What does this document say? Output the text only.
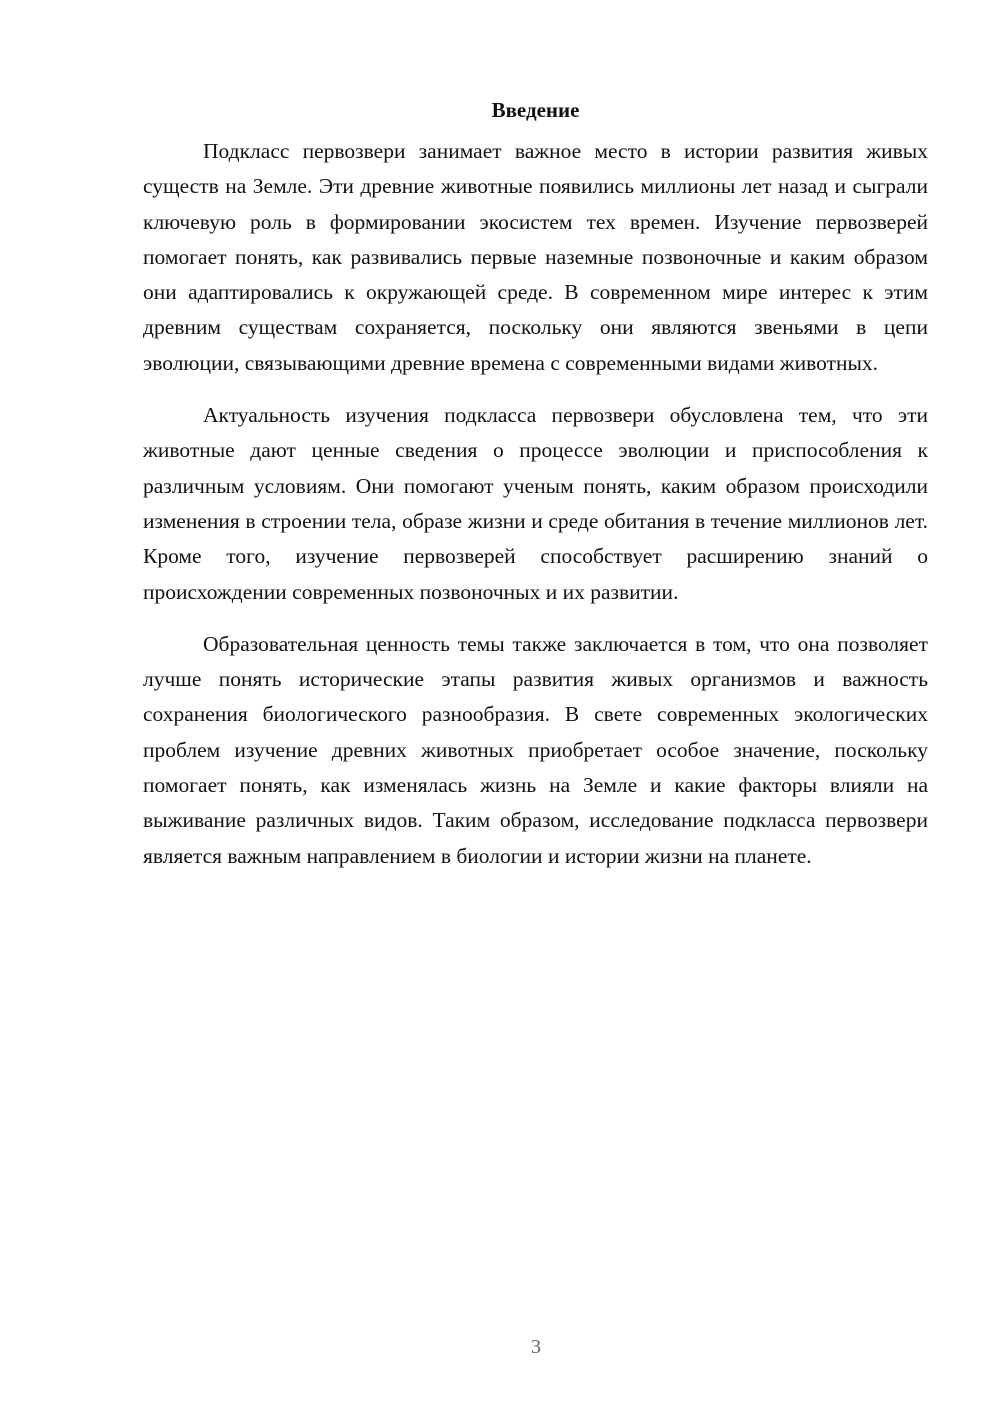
Введение

Подкласс первозвери занимает важное место в истории развития живых существ на Земле. Эти древние животные появились миллионы лет назад и сыграли ключевую роль в формировании экосистем тех времен. Изучение первозверей помогает понять, как развивались первые наземные позвоночные и каким образом они адаптировались к окружающей среде. В современном мире интерес к этим древним существам сохраняется, поскольку они являются звеньями в цепи эволюции, связывающими древние времена с современными видами животных.

Актуальность изучения подкласса первозвери обусловлена тем, что эти животные дают ценные сведения о процессе эволюции и приспособления к различным условиям. Они помогают ученым понять, каким образом происходили изменения в строении тела, образе жизни и среде обитания в течение миллионов лет. Кроме того, изучение первозверей способствует расширению знаний о происхождении современных позвоночных и их развитии.

Образовательная ценность темы также заключается в том, что она позволяет лучше понять исторические этапы развития живых организмов и важность сохранения биологического разнообразия. В свете современных экологических проблем изучение древних животных приобретает особое значение, поскольку помогает понять, как изменялась жизнь на Земле и какие факторы влияли на выживание различных видов. Таким образом, исследование подкласса первозвери является важным направлением в биологии и истории жизни на планете.

3
